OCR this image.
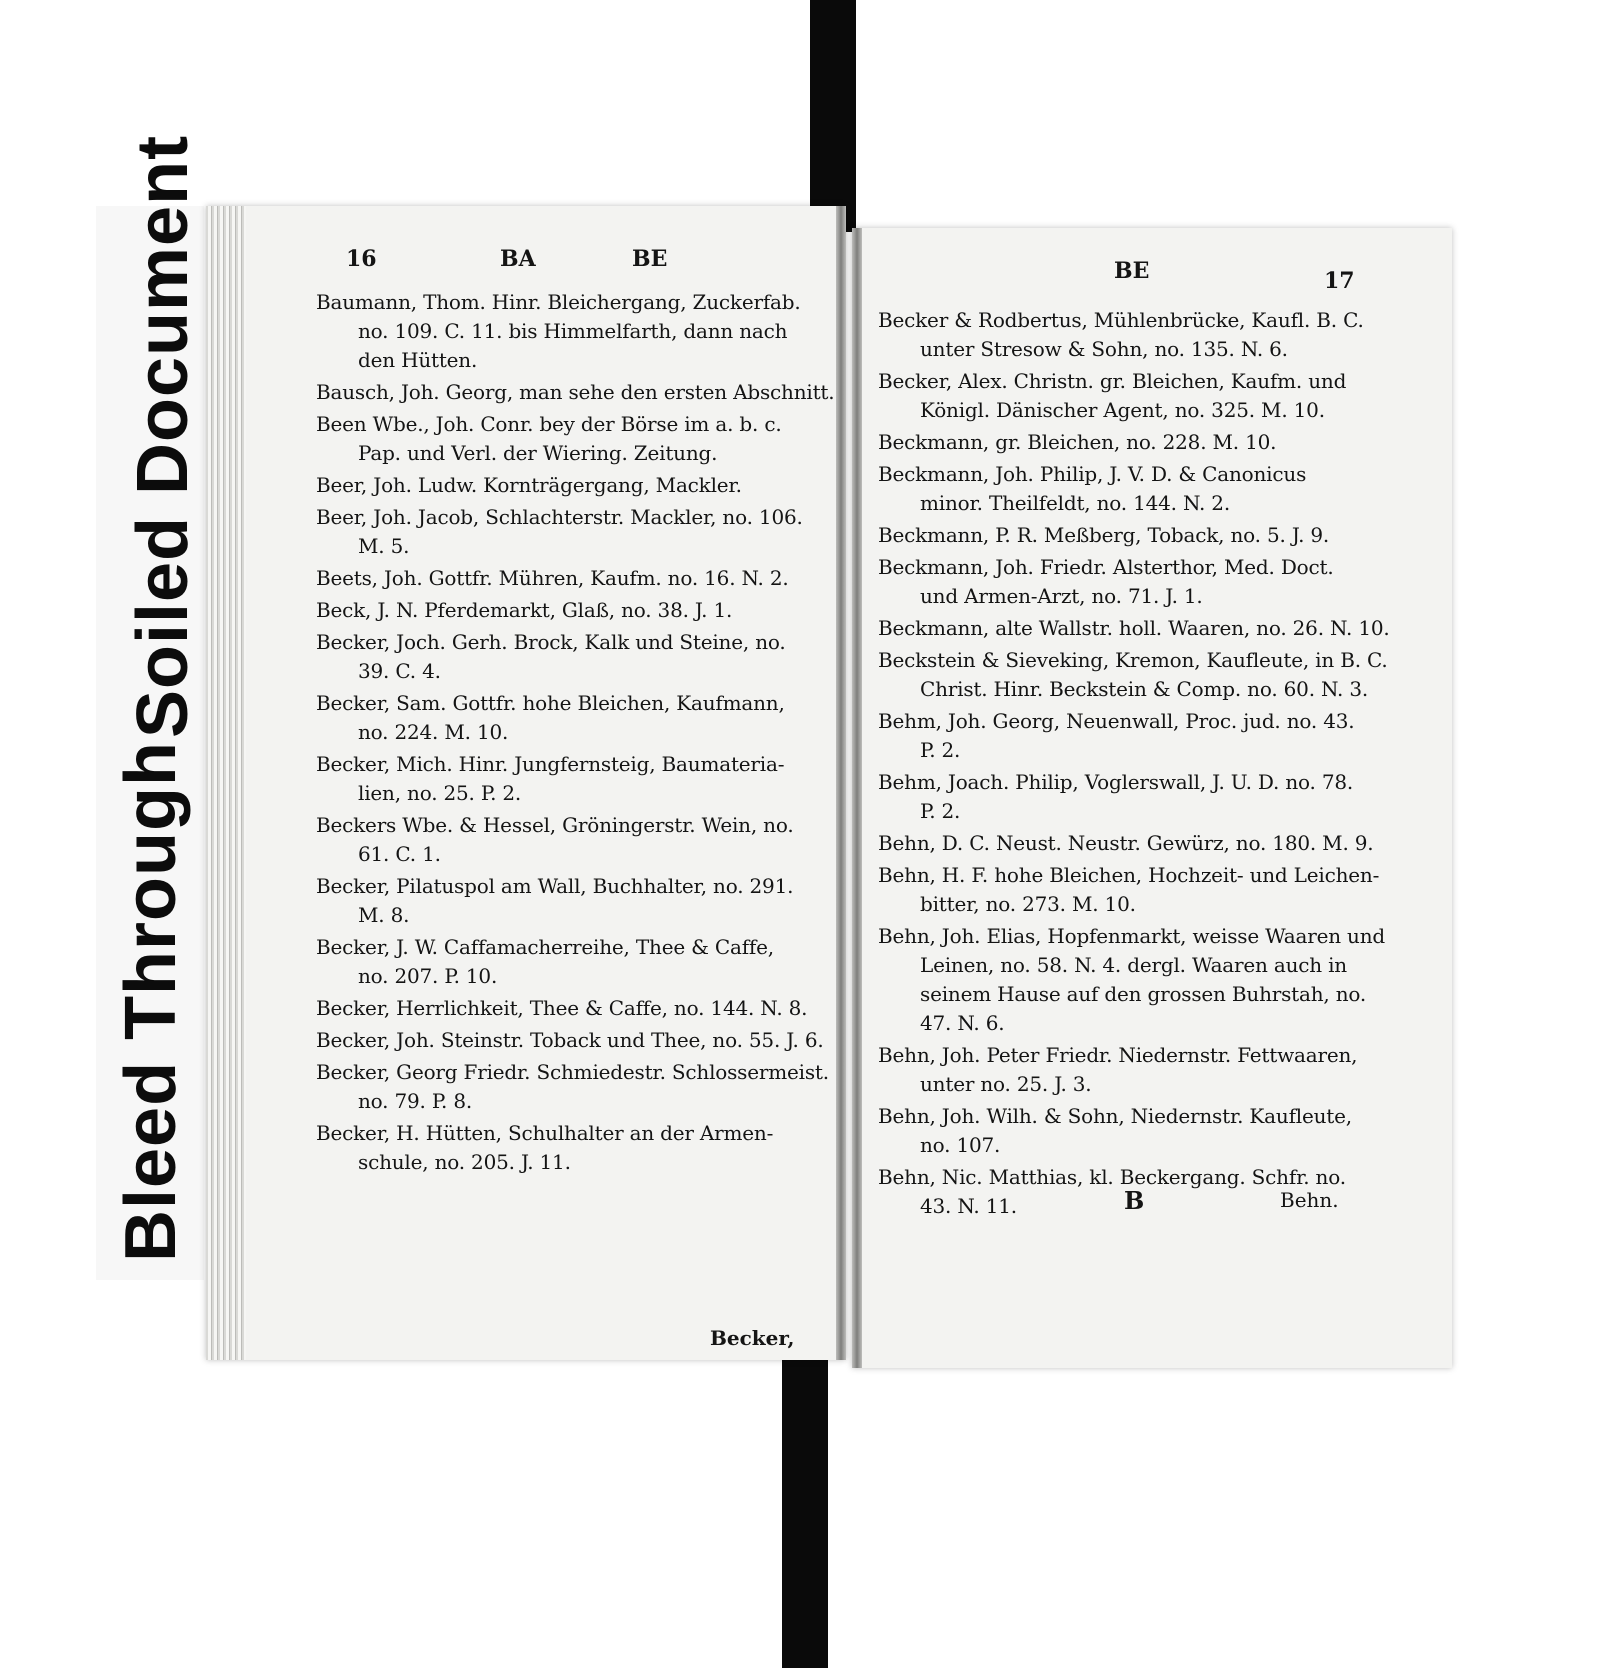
Soiled Document
Bleed Through
16	BA	BE
Baumann, Thom. Hinr. Bleichergang, Zuckerfab.
no. 109. C. 11. bis Himmelfarth, dann nach
den Hütten.
Bausch, Joh. Georg, man sehe den ersten Abschnitt.
Been Wbe., Joh. Conr. bey der Börse im a. b. c.
Pap. und Verl. der Wiering. Zeitung.
Beer, Joh. Ludw. Kornträgergang, Mackler.
Beer, Joh. Jacob, Schlachterstr. Mackler, no. 106.
M. 5.
Beets, Joh. Gottfr. Mühren, Kaufm. no. 16. N. 2.
Beck, J. N. Pferdemarkt, Glaß, no. 38. J. 1.
Becker, Joch. Gerh. Brock, Kalk und Steine, no.
39. C. 4.
Becker, Sam. Gottfr. hohe Bleichen, Kaufmann,
no. 224. M. 10.
Becker, Mich. Hinr. Jungfernsteig, Baumateria-
lien, no. 25. P. 2.
Beckers Wbe. & Hessel, Gröningerstr. Wein, no.
61. C. 1.
Becker, Pilatuspol am Wall, Buchhalter, no. 291.
M. 8.
Becker, J. W. Caffamacherreihe, Thee & Caffe,
no. 207. P. 10.
Becker, Herrlichkeit, Thee & Caffe, no. 144. N. 8.
Becker, Joh. Steinstr. Toback und Thee, no. 55. J. 6.
Becker, Georg Friedr. Schmiedestr. Schlossermeist.
no. 79. P. 8.
Becker, H. Hütten, Schulhalter an der Armen-
schule, no. 205. J. 11.
Becker,
BE	17
Becker & Rodbertus, Mühlenbrücke, Kaufl. B. C.
unter Stresow & Sohn, no. 135. N. 6.
Becker, Alex. Christn. gr. Bleichen, Kaufm. und
Königl. Dänischer Agent, no. 325. M. 10.
Beckmann, gr. Bleichen, no. 228. M. 10.
Beckmann, Joh. Philip, J. V. D. & Canonicus
minor. Theilfeldt, no. 144. N. 2.
Beckmann, P. R. Meßberg, Toback, no. 5. J. 9.
Beckmann, Joh. Friedr. Alsterthor, Med. Doct.
und Armen-Arzt, no. 71. J. 1.
Beckmann, alte Wallstr. holl. Waaren, no. 26. N. 10.
Beckstein & Sieveking, Kremon, Kaufleute, in B. C.
Christ. Hinr. Beckstein & Comp. no. 60. N. 3.
Behm, Joh. Georg, Neuenwall, Proc. jud. no. 43.
P. 2.
Behm, Joach. Philip, Voglerswall, J. U. D. no. 78.
P. 2.
Behn, D. C. Neust. Neustr. Gewürz, no. 180. M. 9.
Behn, H. F. hohe Bleichen, Hochzeit- und Leichen-
bitter, no. 273. M. 10.
Behn, Joh. Elias, Hopfenmarkt, weisse Waaren und
Leinen, no. 58. N. 4. dergl. Waaren auch in
seinem Hause auf den grossen Buhrstah, no.
47. N. 6.
Behn, Joh. Peter Friedr. Niedernstr. Fettwaaren,
unter no. 25. J. 3.
Behn, Joh. Wilh. & Sohn, Niedernstr. Kaufleute,
no. 107.
Behn, Nic. Matthias, kl. Beckergang. Schfr. no.
43. N. 11.	B	Behn.
